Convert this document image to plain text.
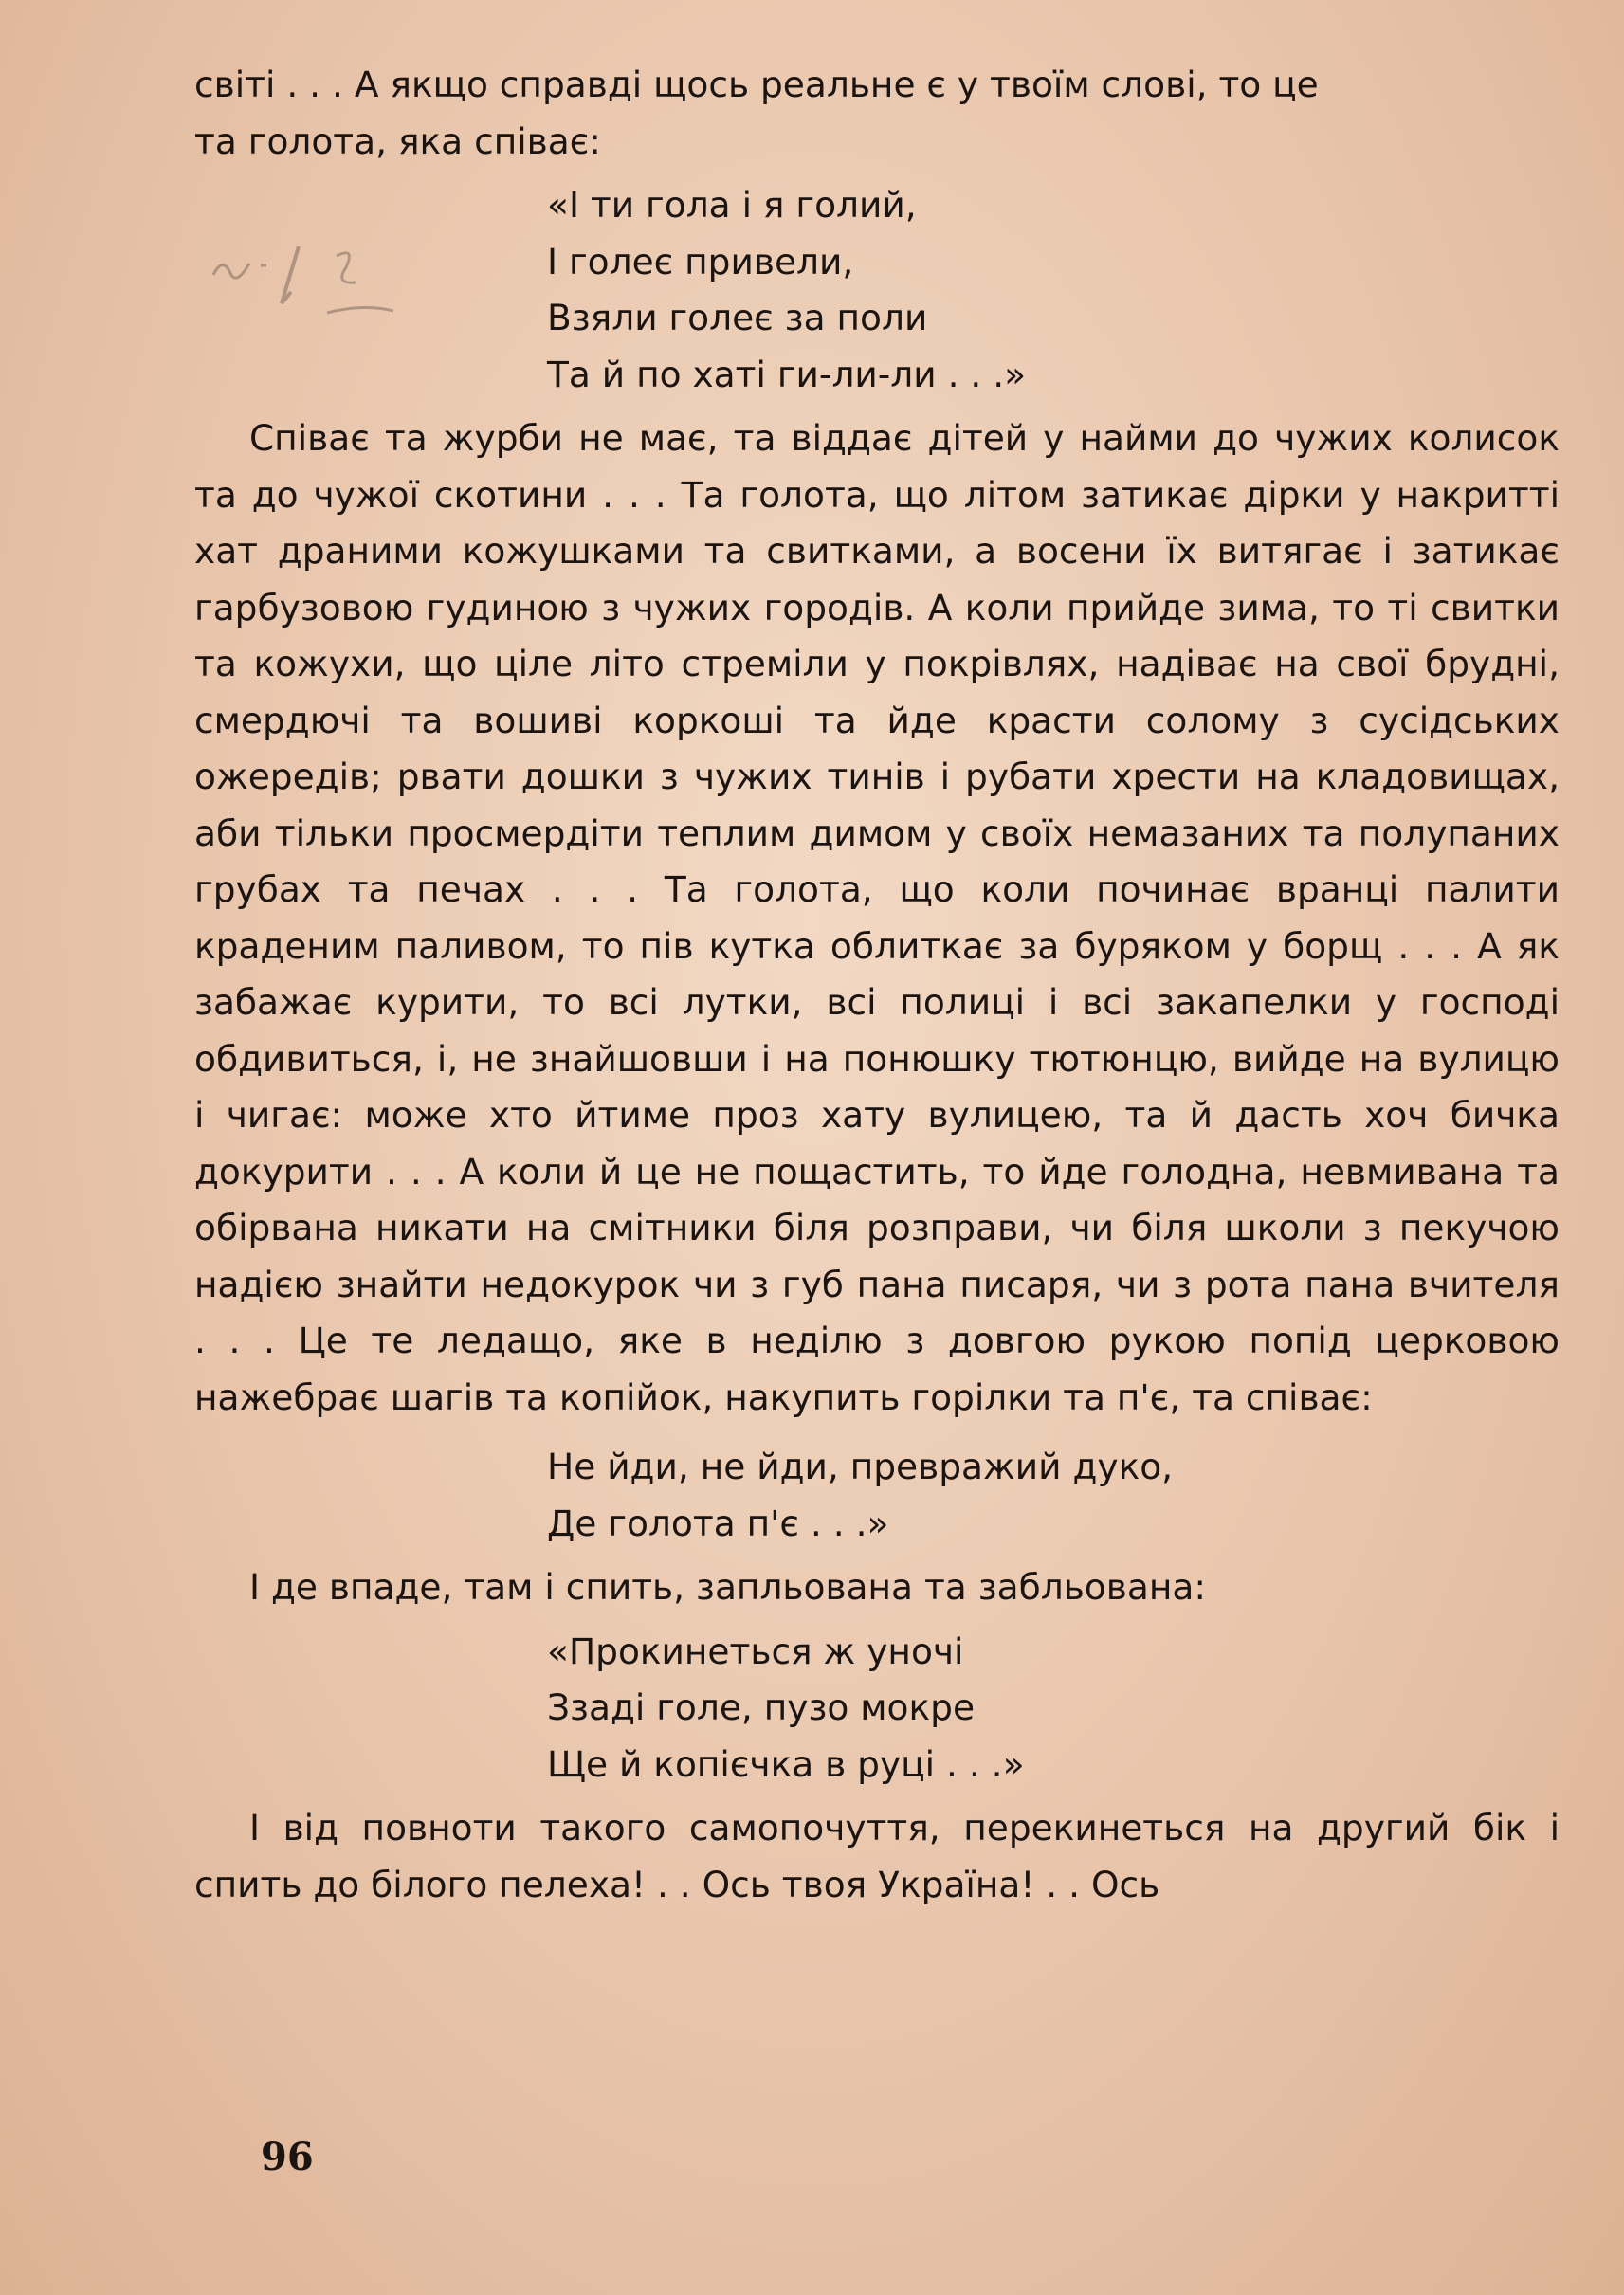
світі . . . А якщо справді щось реальне є у твоїм слові, то це
та голота, яка співає:

«І ти гола і я голий,
І голеє привели,
Взяли голеє за поли
Та й по хаті ги-ли-ли . . .»

Співає та журби не має, та віддає дітей у найми до чужих колисок та до чужої скотини . . . Та голота, що літом затикає дірки у накритті хат драними кожушками та свитками, а восени їх витягає і затикає гарбузовою гудиною з чужих городів. А коли прийде зима, то ті свитки та кожухи, що ціле літо стреміли у покрівлях, надіває на свої брудні, смердючі та вошиві коркоші та йде красти солому з сусідських ожередів; рвати дошки з чужих тинів і рубати хрести на кладовищах, аби тільки просмердіти теплим димом у своїх немазаних та полупаних грубах та печах . . . Та голота, що коли починає вранці палити краденим паливом, то пів кутка облиткає за буряком у борщ . . . А як забажає курити, то всі лутки, всі полиці і всі закапелки у господі обдивиться, і, не знайшовши і на понюшку тютюнцю, вийде на вулицю і чигає: може хто йтиме проз хату вулицею, та й дасть хоч бичка докурити . . . А коли й це не пощастить, то йде голодна, невмивана та обірвана никати на смітники біля розправи, чи біля школи з пекучою надією знайти недокурок чи з губ пана писаря, чи з рота пана вчителя . . . Це те ледащо, яке в неділю з довгою рукою попід церковою нажебрає шагів та копійок, накупить горілки та п'є, та співає:

Не йди, не йди, превражий дуко,
Де голота п'є . . .»

І де впаде, там і спить, запльована та забльована:

«Прокинеться ж уночі
Ззаді голе, пузо мокре
Ще й копієчка в руці . . .»

І від повноти такого самопочуття, перекинеться на другий бік і спить до білого пелеха! . . Ось твоя Україна! . . Ось

96
